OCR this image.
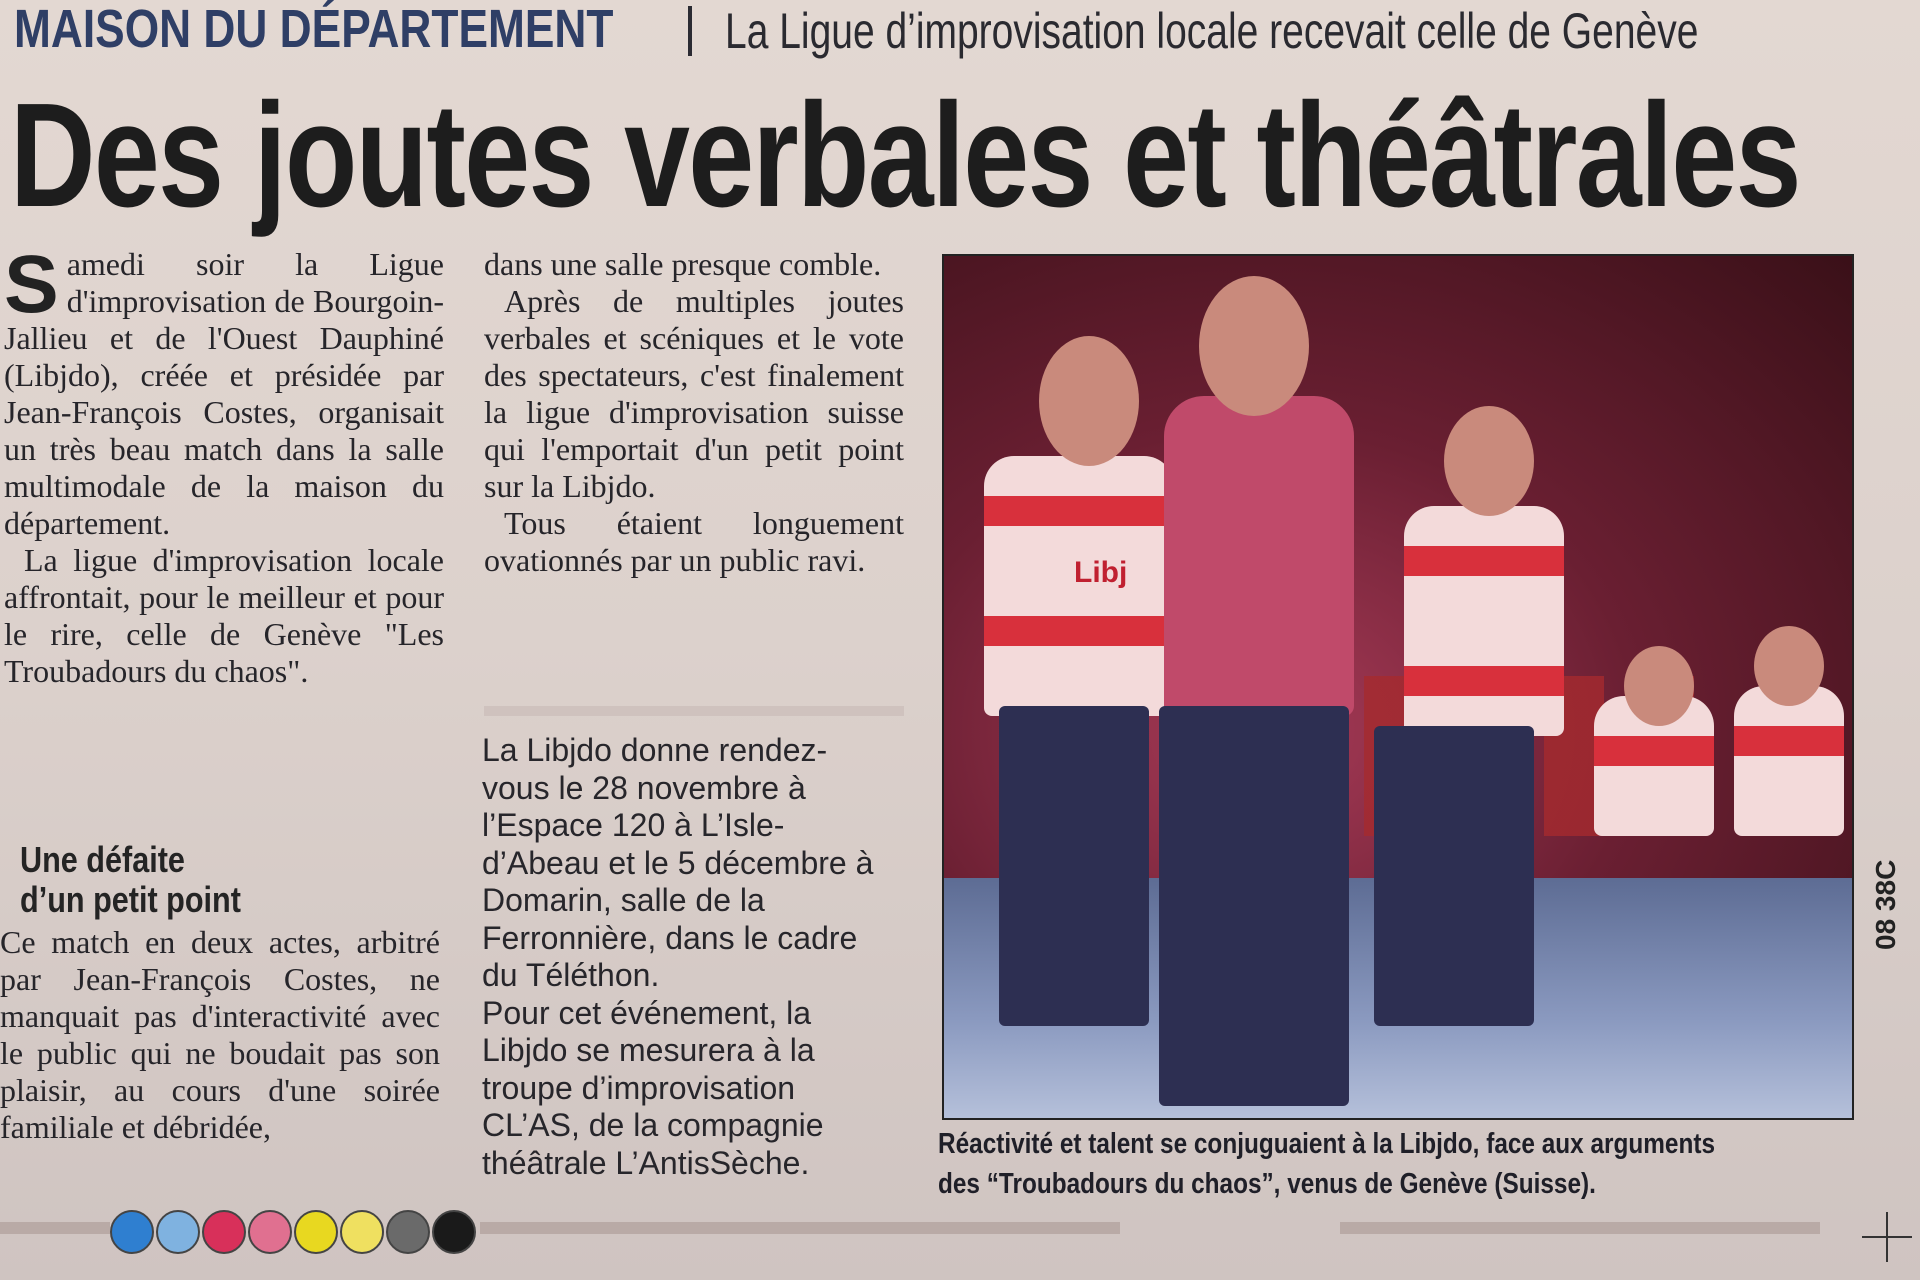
MAISON DU DÉPARTEMENT La Ligue d’improvisation locale recevait celle de Genève
Des joutes verbales et théâtrales

Samedi soir la Ligue d'improvisation de Bourgoin-Jallieu et de l'Ouest Dauphiné (Libjdo), créée et présidée par Jean-François Costes, organisait un très beau match dans la salle multimodale de la maison du département.

La ligue d'improvisation locale affrontait, pour le meilleur et pour le rire, celle de Genève "Les Troubadours du chaos".

Une défaite
d’un petit point

Ce match en deux actes, arbitré par Jean-François Costes, ne manquait pas d'interactivité avec le public qui ne boudait pas son plaisir, au cours d'une soirée familiale et débridée,

dans une salle presque comble.

Après de multiples joutes verbales et scéniques et le vote des spectateurs, c'est finalement la ligue d'improvisation suisse qui l'emportait d'un petit point sur la Libjdo.

Tous étaient longuement ovationnés par un public ravi.

La Libjdo donne rendez-
vous le 28 novembre à
l’Espace 120 à L’Isle-
d’Abeau et le 5 décembre à
Domarin, salle de la
Ferronnière, dans le cadre
du Téléthon.
Pour cet événement, la
Libjdo se mesurera à la
troupe d’improvisation
CL’AS, de la compagnie
théâtrale L’AntisSèche.
Libj
Réactivité et talent se conjuguaient à la Libjdo, face aux arguments
des “Troubadours du chaos”, venus de Genève (Suisse).
08 38C
